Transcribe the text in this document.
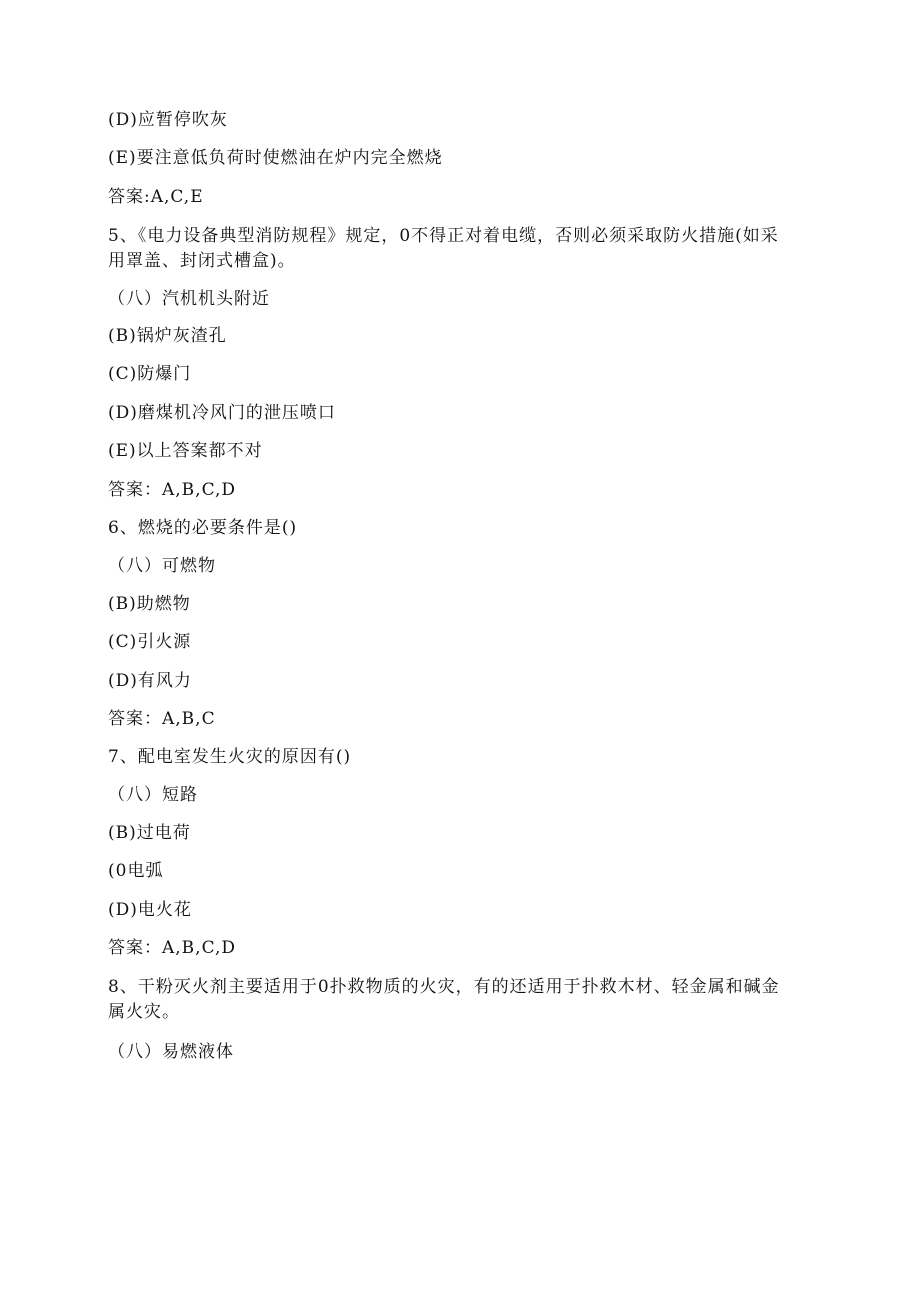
(D)应暂停吹灰
(E)要注意低负荷时使燃油在炉内完全燃烧
答案:A,C,E
5、《电力设备典型消防规程》规定，0不得正对着电缆，否则必须采取防火措施(如采
用罩盖、封闭式槽盒)。
（八）汽机机头附近
(B)锅炉灰渣孔
(C)防爆门
(D)磨煤机冷风门的泄压喷口
(E)以上答案都不对
答案：A,B,C,D
6、燃烧的必要条件是()
（八）可燃物
(B)助燃物
(C)引火源
(D)有风力
答案：A,B,C
7、配电室发生火灾的原因有()
（八）短路
(B)过电荷
(0电弧
(D)电火花
答案：A,B,C,D
8、干粉灭火剂主要适用于0扑救物质的火灾，有的还适用于扑救木材、轻金属和碱金
属火灾。
（八）易燃液体
